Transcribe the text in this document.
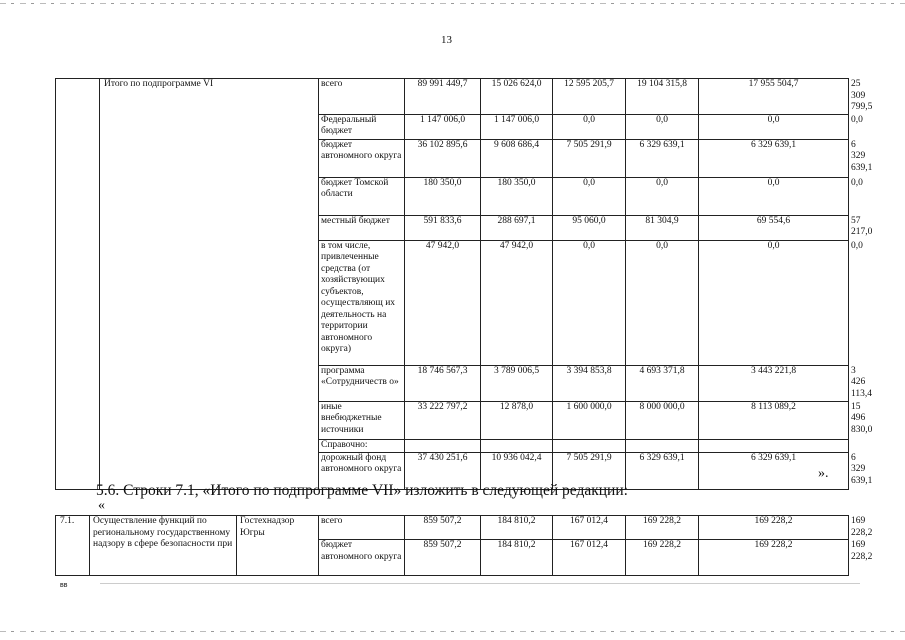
13
	Итого по подпрограмме VI	всего	89 991 449,7	15 026 624,0	12 595 205,7	19 104 315,8	17 955 504,7	25 309 799,5
		Федеральный бюджет	1 147 006,0	1 147 006,0	0,0	0,0	0,0	0,0
		бюджет автономного округа	36 102 895,6	9 608 686,4	7 505 291,9	6 329 639,1	6 329 639,1	6 329 639,1
		бюджет Томской области	180 350,0	180 350,0	0,0	0,0	0,0	0,0
		местный бюджет	591 833,6	288 697,1	95 060,0	81 304,9	69 554,6	57 217,0
		в том числе, привлеченные средства (от хозяйствующих субъектов, осуществляющ их деятельность на территории автономного округа)	47 942,0	47 942,0	0,0	0,0	0,0	0,0
		программа «Сотрудничеств о»	18 746 567,3	3 789 006,5	3 394 853,8	4 693 371,8	3 443 221,8	3 426 113,4
		иные внебюджетные источники	33 222 797,2	12 878,0	1 600 000,0	8 000 000,0	8 113 089,2	15 496 830,0
		Справочно:						
		дорожный фонд автономного округа	37 430 251,6	10 936 042,4	7 505 291,9	6 329 639,1	6 329 639,1	6 329 639,1
».
5.6. Строки 7.1, «Итого по подпрограмме VII» изложить в следующей редакции:
«
7.1.	Осуществление функций по региональному государственному надзору в сфере безопасности при	Гостехнадзор Югры	всего	859 507,2	184 810,2	167 012,4	169 228,2	169 228,2	169 228,2
			бюджет автономного округа	859 507,2	184 810,2	167 012,4	169 228,2	169 228,2	169 228,2
вв
